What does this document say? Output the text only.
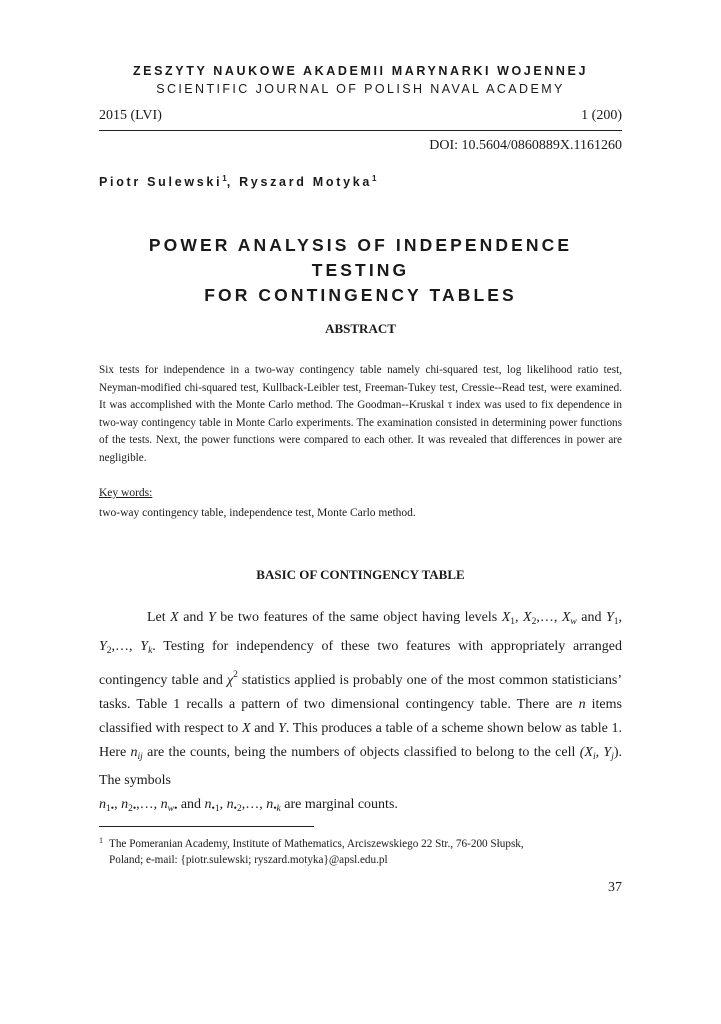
ZESZYTY NAUKOWE AKADEMII MARYNARKI WOJENNEJ
SCIENTIFIC JOURNAL OF POLISH NAVAL ACADEMY
2015 (LVI)	1 (200)
DOI: 10.5604/0860889X.1161260
Piotr Sulewski$^1$, Ryszard Motyka$^1$
POWER ANALYSIS OF INDEPENDENCE TESTING
FOR CONTINGENCY TABLES
ABSTRACT
Six tests for independence in a two-way contingency table namely chi-squared test, log likelihood ratio test, Neyman-modified chi-squared test, Kullback-Leibler test, Freeman-Tukey test, Cressie--Read test, were examined. It was accomplished with the Monte Carlo method. The Goodman--Kruskal τ index was used to fix dependence in two-way contingency table in Monte Carlo experiments. The examination consisted in determining power functions of the tests. Next, the power functions were compared to each other. It was revealed that differences in power are negligible.
Key words:
two-way contingency table, independence test, Monte Carlo method.
BASIC OF CONTINGENCY TABLE

Let X and Y be two features of the same object having levels $X_1$, $X_2,\dots$, $X_w$ and $Y_1$, $Y_2,\dots$, $Y_k$. Testing for independency of these two features with appropriately arranged contingency table and $\chi^2$ statistics applied is probably one of the most common statisticians’ tasks. Table 1 recalls a pattern of two dimensional contingency table. There are n items classified with respect to X and Y. This produces a table of a scheme shown below as table 1. Here $n_{ij}$ are the counts, being the numbers of objects classified to belong to the cell ($X_i$, $Y_j$). The symbols
$n_{1•}$, $n_{2•},\dots$, $n_{w•}$ and $n_{•1}$, $n_{•2},\dots$, $n_{•k}$ are marginal counts.

$^1$ The Pomeranian Academy, Institute of Mathematics, Arciszewskiego 22 Str., 76-200 Słupsk,
Poland; e-mail: {piotr.sulewski; ryszard.motyka}@apsl.edu.pl
37
